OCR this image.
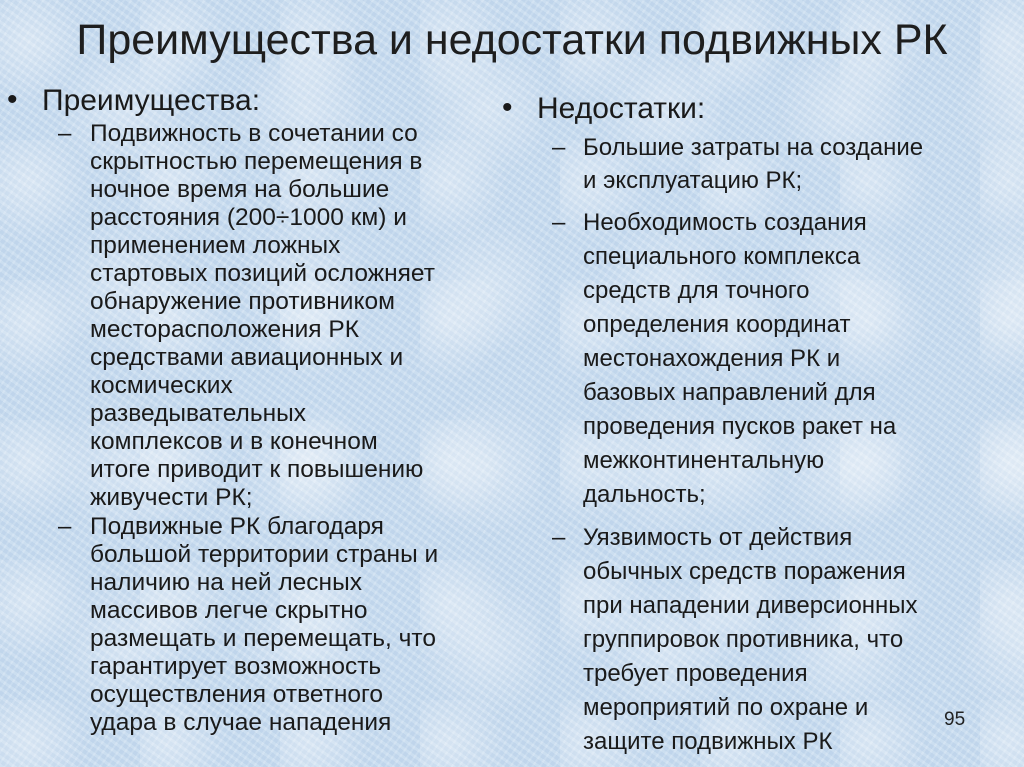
Преимущества и недостатки подвижных РК
• Преимущества:
– Подвижность в сочетании со
скрытностью перемещения в
ночное время на большие
расстояния (200÷1000 км) и
применением ложных
стартовых позиций осложняет
обнаружение противником
месторасположения РК
средствами авиационных и
космических
разведывательных
комплексов и в конечном
итоге приводит к повышению
живучести РК;
– Подвижные РК благодаря
большой территории страны и
наличию на ней лесных
массивов легче скрытно
размещать и перемещать, что
гарантирует возможность
осуществления ответного
удара в случае нападения
• Недостатки:
– Большие затраты на создание
и эксплуатацию РК;
– Необходимость создания
специального комплекса
средств для точного
определения координат
местонахождения РК и
базовых направлений для
проведения пусков ракет на
межконтинентальную
дальность;
– Уязвимость от действия
обычных средств поражения
при нападении диверсионных
группировок противника, что
требует проведения
мероприятий по охране и
защите подвижных РК
95
